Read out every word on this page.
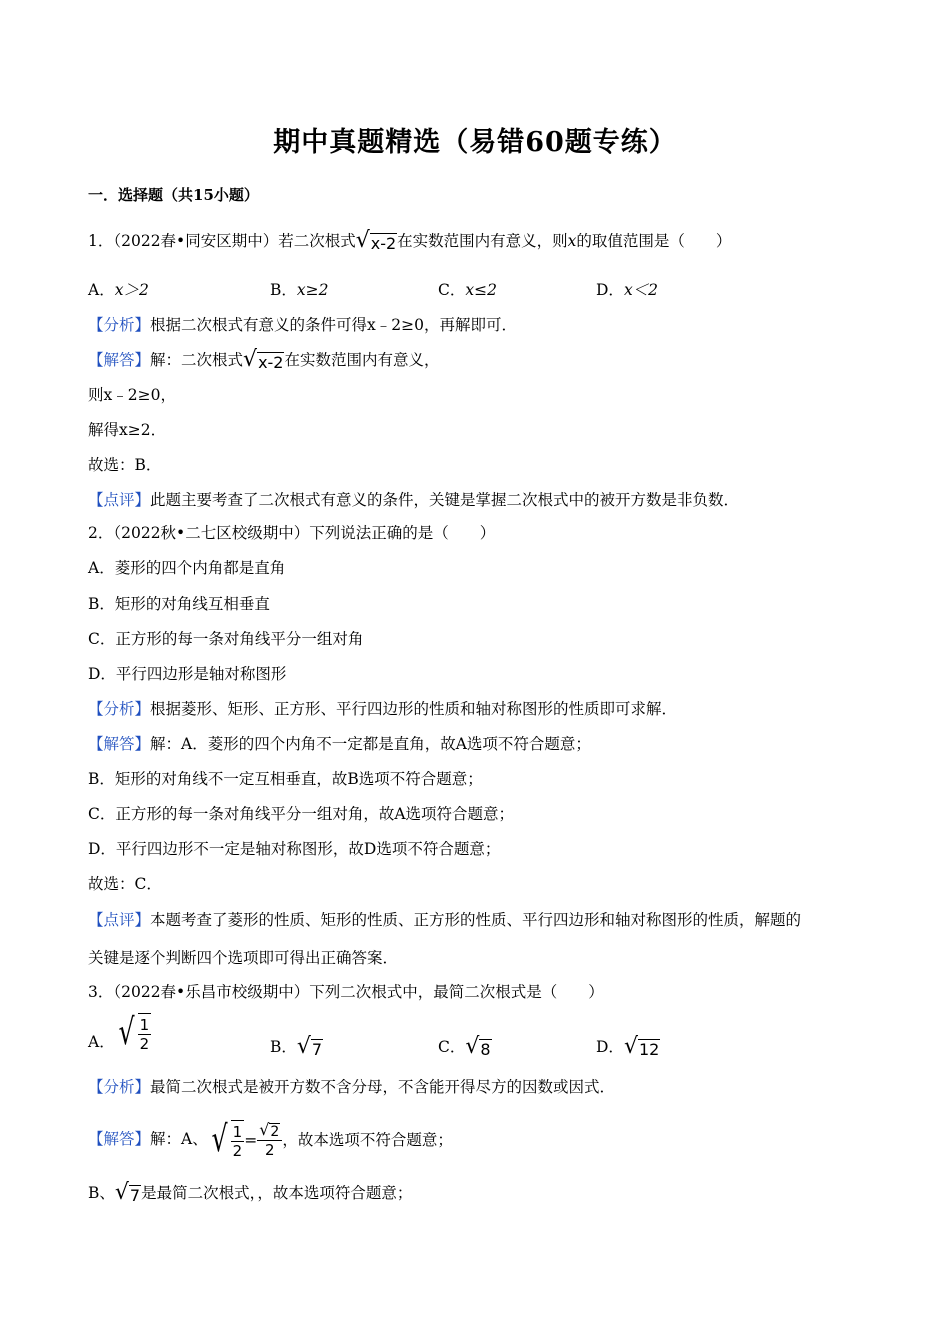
期中真题精选（易错60题专练）
一．选择题（共15小题）
1．（2022春•同安区期中）若二次根式√x-2在实数范围内有意义，则x的取值范围是（　　）
A．x＞2	B．x≥2	C．x≤2	D．x＜2
【分析】根据二次根式有意义的条件可得x﹣2≥0，再解即可．
【解答】解：二次根式√x-2在实数范围内有意义，
则x﹣2≥0，
解得x≥2．
故选：B．
【点评】此题主要考查了二次根式有意义的条件，关键是掌握二次根式中的被开方数是非负数．
2．（2022秋•二七区校级期中）下列说法正确的是（　　）
A．菱形的四个内角都是直角
B．矩形的对角线互相垂直
C．正方形的每一条对角线平分一组对角
D．平行四边形是轴对称图形
【分析】根据菱形、矩形、正方形、平行四边形的性质和轴对称图形的性质即可求解．
【解答】解：A．菱形的四个内角不一定都是直角，故A选项不符合题意；
B．矩形的对角线不一定互相垂直，故B选项不符合题意；
C．正方形的每一条对角线平分一组对角，故A选项符合题意；
D．平行四边形不一定是轴对称图形，故D选项不符合题意；
故选：C．
【点评】本题考查了菱形的性质、矩形的性质、正方形的性质、平行四边形和轴对称图形的性质，解题的
关键是逐个判断四个选项即可得出正确答案．
3．（2022春•乐昌市校级期中）下列二次根式中，最简二次根式是（　　）
A． √ $\frac{1}{2}$	B．√7	C．√8	D．√12
【分析】最简二次根式是被开方数不含分母，不含能开得尽方的因数或因式．
【解答】解：A、 √ $\frac{1}{2} = \frac{√2}{2}$ ，故本选项不符合题意；
B、√7是最简二次根式，，故本选项符合题意；
